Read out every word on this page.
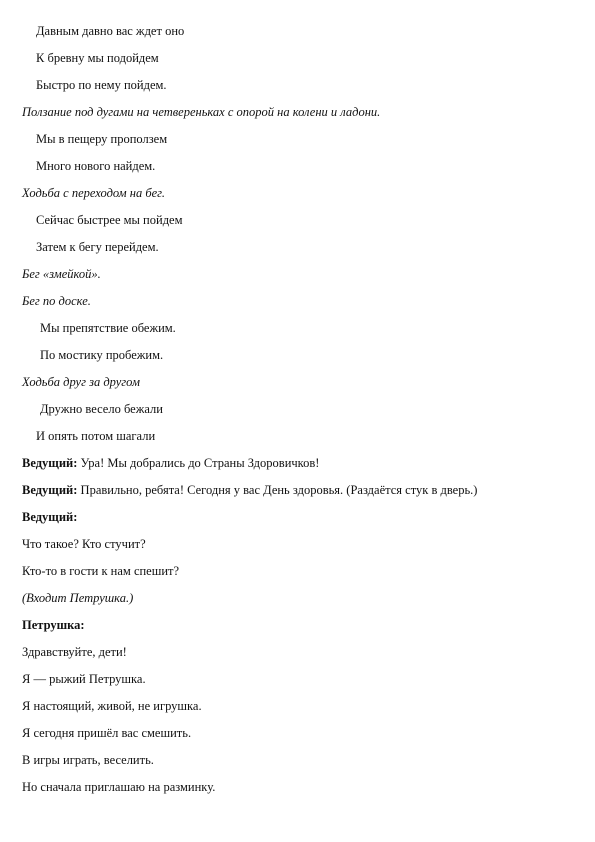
Давным давно вас ждет оно
К бревну мы подойдем
Быстро по нему пойдем.
Ползание под дугами на четвереньках с опорой на колени и ладони.
Мы в пещеру проползем
Много нового найдем.
Ходьба с переходом на бег.
Сейчас быстрее мы пойдем
Затем к бегу перейдем.
Бег «змейкой».
Бег по доске.
Мы препятствие обежим.
По мостику пробежим.
Ходьба друг за другом
Дружно весело бежали
И опять потом шагали
Ведущий: Ура! Мы добрались до Страны Здоровичков!
Ведущий: Правильно, ребята! Сегодня у вас День здоровья. (Раздаётся стук в дверь.)
Ведущий:
Что такое? Кто стучит?
Кто-то в гости к нам спешит?
(Входит Петрушка.)
Петрушка:
Здравствуйте, дети!
Я — рыжий Петрушка.
Я настоящий, живой, не игрушка.
Я сегодня пришёл вас смешить.
В игры играть, веселить.
Но сначала приглашаю на разминку.
